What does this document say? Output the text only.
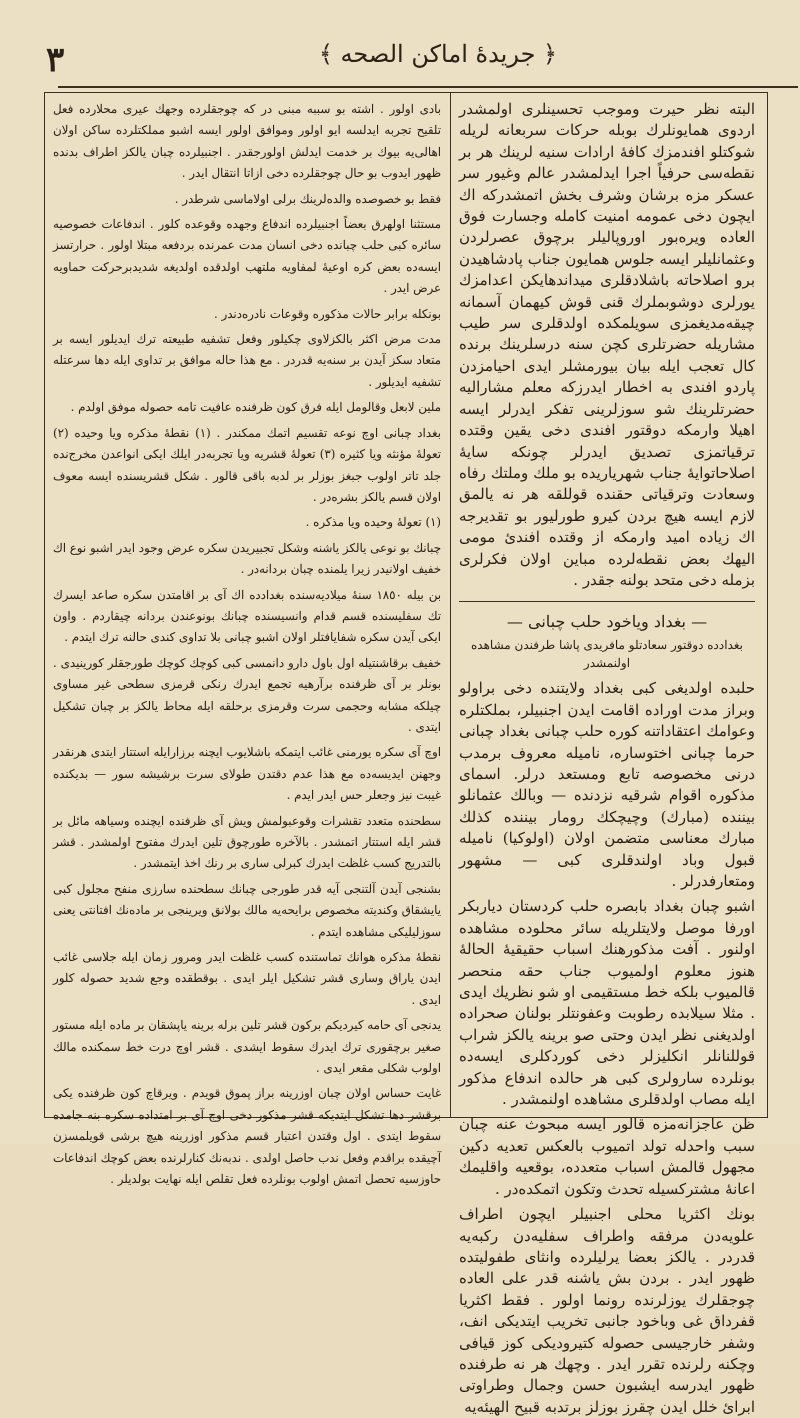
٣	﴿ جریدهٔ اماكن الصحه ﴾

البته نظر حیرت وموجب تحسینلری اولمشدر اردوی همایونلرك بوبله حركات سربعانه لریله شوكتلو افندمزك كافهٔ ارادات سنیه لرینك هر بر نقطه‌سی حرفیاً اجرا ایدلمشدر عالم وغیور سر عسكر مزه برشان وشرف بخش اتمشدركه اك ایچون دخی عمومه امنیت كامله وجسارت فوق العاده ویره‌بور اوروپالیلر برچوق عصرلردن وعثمانلیلر ایسه جلوس همایون جناب پادشاهیدن برو اصلاحاته باشلادقلری میداندهایكن اعدامزك یورلری دوشوبملرك قنی قوش كیهمان آسمانه چیقه‌مدیغمزی سویلمكده اولدقلری سر طیب مشاریله حضرتلری كچن سنه درسلرینك برنده كال تعجب ایله بیان بیورمشلر ایدی احیامزدن پاردو افندی به اخطار ایدرزكه معلم مشارالیه حضرتلرینك شو سوزلرینی تفكر ایدرلر ایسه اهیلا وارمكه دوقتور افندی دخی یقین وقتده ترقیاتمزی تصدیق ایدرلر چونكه سایهٔ اصلاحاتوایهٔ جناب شهریاریده بو ملك وملتك رفاه وسعادت وترقیاتی حقنده قوللقه هر نه یالمق لازم ایسه هیچ بردن كیرو طورلیور بو تقدیرجه اك زیاده امید وارمكه از وقتده افندیٔ مومی الیهك بعض نقطه‌لرده مباین اولان فكرلری بزمله دخی متحد بولنه جقدر .

— بغداد ویاخود حلب چبانی —
بغدادده دوقتور سعادتلو مافریدی پاشا طرفندن مشاهده اولنمشدر

حلبده اولدیغی كبی بغداد ولایتنده دخی براولو وبراز مدت اوراده اقامت ایدن اجنبیلر، بملكتلره وعوامك اعتقاداتنه كوره حلب چبانی بغداد چبانی حرما چبانی اختوساره، نامیله معروف برمدب درنی مخصوصه تابع ومستعد درلر. اسمای مذكوره اقوام شرقیه نزدنده — وبالك عثمانلو بیننده (مبارك) وچیچكك رومار بیننده كذلك مبارك معناسی متضمن اولان (اولوكیا) نامیله قبول وباد اولندقلری كبی — مشهور ومتعارفدرلر .

اشبو چبان بغداد بابصره حلب كردستان دیاربكر اورفا موصل ولایتلریله سائر محلوده مشاهده اولنور . آفت مذكورهنك اسباب حقیقیهٔ الحالهٔ هنوز معلوم اولمیوب جناب حقه منحصر قالمیوب بلكه خط مستقیمی او شو نظریك ایدی . مثلا سیلابده رطوبت وعفونتلر بولنان صحراده اولدیغنی نظر ایدن وحتی صو برینه یالكز شراب قوللنانلر انكلیزلر دخی كوردكلری ایسه‌ده بونلرده سارولری كبی هر حالده اندفاع مذكور ایله مصاب اولدقلری مشاهده اولنمشدر .

ظن عاجزانه‌مزه قالور ایسه مبحوث عنه چبان سبب واحدله تولد اتمیوب بالعكس تعدیه دكین مجهول قالمش اسباب متعدده، بوقعیه واقلیمك اعانهٔ مشتركسیله تحدث وتكون اتمكده‌در .

بونك اكثریا محلی اجنبیلر ایچون اطراف علویه‌دن مرفقه واطراف سفلیه‌دن ركبه‌یه قدردر . یالكز بعضا یرلیلرده وانثای طفولیتده ظهور ایدر . بردن بش یاشنه قدر علی العاده چوجقلرك یوزلرنده رونما اولور . فقط اكثریا قفرداق غی وباخود جانبی تخریب ایتدیكی انف، وشفر خارجیسی حصوله كتیرودیكی كوز قیافی وچكنه رلرنده تقرر ایدر . وچهك هر نه طرفنده ظهور ایدرسه ایشبون حسن وجمال وطراوتی ابرائ خلل ایدن چقرز بوزلز برتدبه قبیح الهیئه‌یه

بادی اولور . اشته بو سببه مبنی در كه چوجقلرده وجهك عیری محلارده فعل تلقیح تجربه ایدلسه ایو اولور وموافق اولور ایسه اشبو مملكتلرده ساكن اولان اهالی‌یه بیوك بر خدمت ایدلش اولورجقدر . اجنبیلرده چبان یالكز اطراف بدنده ظهور ایدوب بو حال چوجقلرده دخی ازاتا انتقال ایدر .

فقط بو خصوصده والده‌لرینك برلی اولاماسی شرطدر .

مستثنا اولهرق بعضاً اجنبیلرده اندفاع وجهده وقوعده كلور . اندفاعات خصوصیه سائره كبی حلب چبانده دخی انسان مدت عمرنده بردفعه مبتلا اولور . حرارتسز ایسه‌ده بعض كره اوعیهٔ لمفاویه ملتهب اولدقده اولدیغه شدیدبرحركت حماویه عرض ایدر .

بونكله برابر حالات مذكوره وقوعات نادره‌دندر .

مدت مرض اكثر بالكزلاوی چكیلور وفعل تشفیه طبیعته ترك ایدیلور ایسه بر متعاد سكز آیدن بر سنه‌یه قدردر . مع هذا حاله موافق بر تداوی ایله دها سرعتله تشفیه ایدیلور .

ملین لابعل وقالومل ایله فرق كون ظرفنده عافیت تامه حصوله موفق اولدم .

بغداد چبانی اوچ نوعه تقسیم اتمك ممكندر . (١) نقطهٔ مذكره ویا وحیده (٢) تعولهٔ مؤنثه ویا كثیره (٣) تعولهٔ قشریه ویا تجربه‌در ایلك ایكی انواعدن مخرج‌نده جلد تاتر اولوب جبغز بوزلر بر لدبه باقی قالور . شكل قشریسنده ایسه معوف اولان قسم یالكز بشره‌در .

(١) تعولهٔ وحیده ویا مذكره .

چبانك بو نوعی یالكز یاشنه وشكل تجبیریدن سكره عرض وجود ایدر اشبو نوع اك خفیف اولانیدر زیرا یلمنده چبان بردانه‌در .

بن بیله ١٨٥٠ سنهٔ میلادیه‌سنده بغدادده اك آی بر اقامتدن سكره صاعد ایسرك تك سفلیسنده قسم قدام وانسیسنده چبانك بونوعندن بردانه چیقاردم . واون ایكی آیدن سكره شفایافتلر اولان اشبو چبانی بلا تداوی كندی حالنه ترك ایتدم .

خفیف برقاشنتیله اول باول دارو دانمسی كبی كوچك كوچك طورجقلر كورینیدی . بونلر بر آی ظرفنده برآرهیه تجمع ایدرك رنكی قرمزی سطحی غیر مساوی چیلكه مشابه وحجمی سرت وقرمزی برحلقه ایله محاط یالكز بر چبان تشكیل ایتدی .

اوچ آی سكره یورمنی غائب ایتمكه باشلایوب ایچنه برزارایله استتار ایتدی هرنقدر وجهنن ایدیسه‌ده مع هذا عدم دقتدن طولای سرت برشیشه سور — بدیكنده غیبت نیز وجعلر حس ایدر ایدم .

سطحنده متعدد تقشرات وقوعبولمش ویش آی ظرفنده ایچنده وسیاهه مائل بر قشر ایله استتار اتمشدر . بالآخره طورچوق تلین ایدرك مفتوح اولمشدر . قشر بالتدریج كسب غلظت ایدرك كبرلی ساری بر رنك اخذ ایتمشدر .

بشنجی آیدن آلتنجی آیه قدر طورجی چبانك سطحنده سارزی منفح مجلول كبی یایشقاق وكندیته مخصوص برایحه‌یه مالك بولانق ویرینجی بر ماده‌نك افتانتی یعنی سوزلیلیكی مشاهده ایتدم .

نقطهٔ مذكره هوانك تماستنده كسب غلظت ایدر ومرور زمان ایله جلاسی غائب ایدن یاراق وساری قشر تشكیل ایلر ایدی . بوقطقده وجع شدید حصوله كلور ایدی .

یدنجی آی حامه كیردیكم بركون قشر تلین برله برینه یاپشقان بر ماده ایله مستور صغیر برچقوری ترك ایدرك سقوط ایشدی . قشر اوچ درت خط سمكنده مالك اولوب شكلی مقعر ایدی .

غایت حساس اولان چبان اوزرینه براز پموق قویدم . ویرقاچ كون ظرفنده یكی برقشر دها تشكل ایتدیكه قشر مذكور دخی اوچ آی بر امتداده سكره بنه جامده سقوط ایتدی . اول وقتدن اعتبار قسم مذكور اوزرینه هیچ برشی قویلمسزن آچیقده براقدم وفعل ندب حاصل اولدی . ندبه‌نك كنارلرنده بعض كوچك اندفاعات حاوزسیه تحصل اتمش اولوب بونلرده فعل تقلص ایله نهایت بولدیلر .
